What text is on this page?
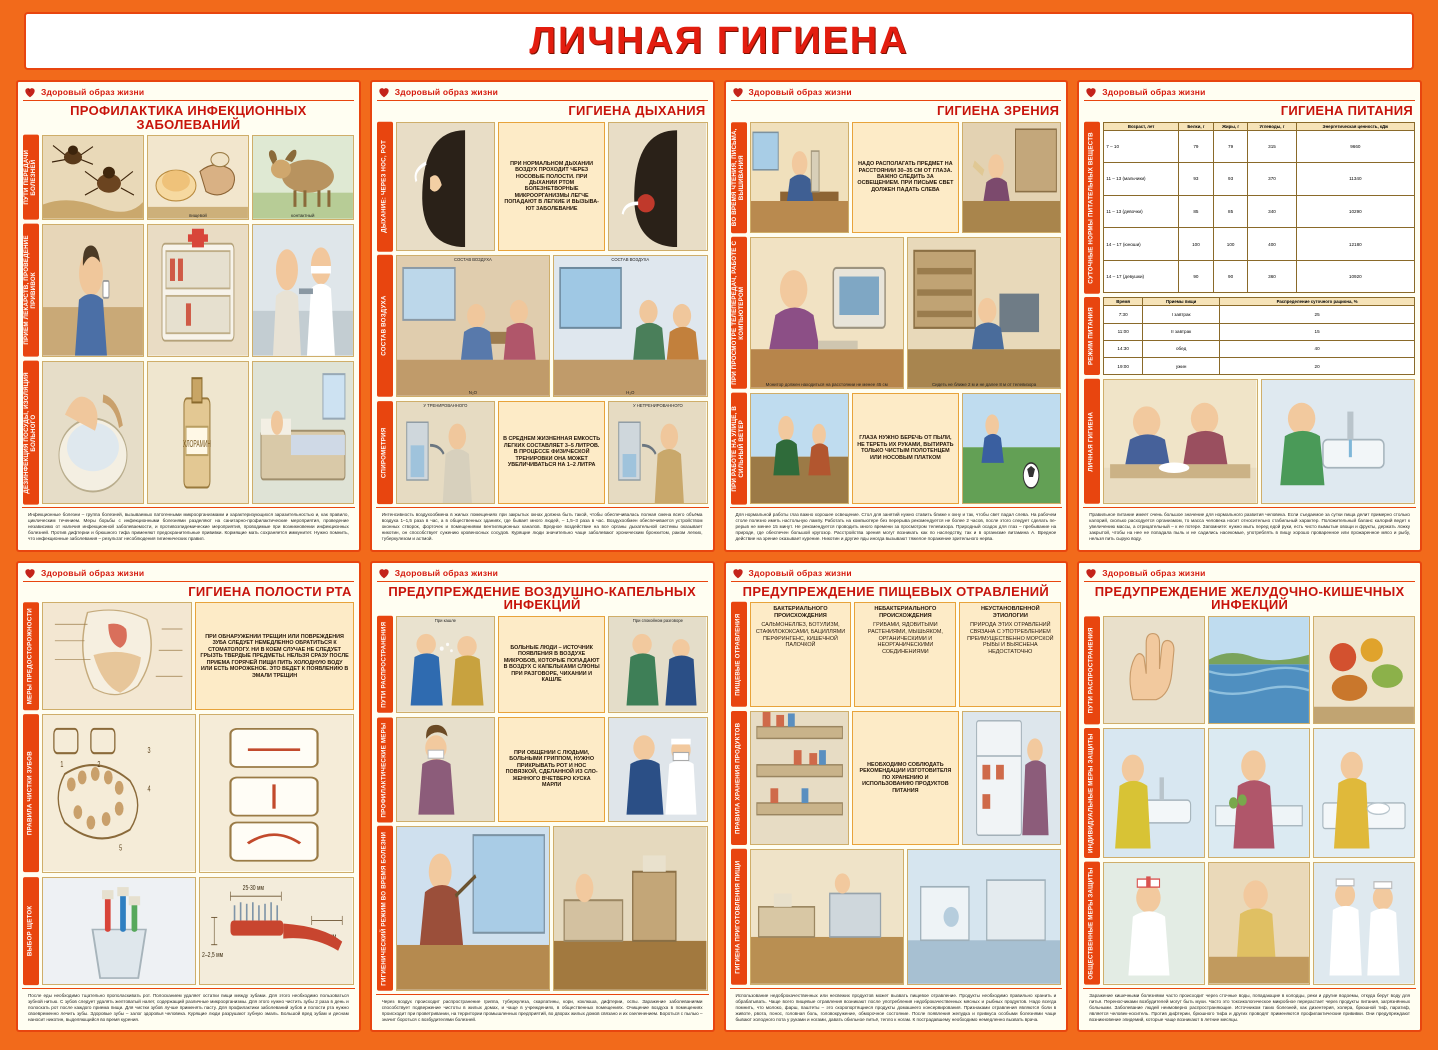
ЛИЧНАЯ ГИГИЕНА
Здоровый образ жизни
ПРОФИЛАКТИКА ИНФЕКЦИОННЫХ ЗАБОЛЕВАНИЙ
ПУТИ ПЕРЕДАЧИ БОЛЕЗНЕЙ
пищевой	контактный
ПРИЕМ ЛЕКАРСТВ, ПРОВЕДЕНИЕ ПРИВИВОК
ДЕЗИНФЕКЦИЯ ПОСУДЫ, ИЗОЛЯЦИЯ БОЛЬНОГО	ХЛОРАМИН
Инфекционные болезни – группа болезней, вызываемых патогенными микроорганизмами и характеризующихся заразительностью и, как правило, циклическим течением. Меры борьбы с инфекционными болезнями разделяют на санитарно-профилактические мероприятия, проведение независимо от наличия инфекционной заболеваемости, и противоэпидемические мероприятия, проводимые при возникновении инфекционных болезней. Против дифтерии и брюшного тифа применяют предохранительные прививки. Кормящие мать сохраняется иммунитет. Нужно помнить, что инфекционные заболевания – результат несоблюдения гигиенических правил.
Здоровый образ жизни
ГИГИЕНА ДЫХАНИЯ
ДЫХАНИЕ: ЧЕРЕЗ НОС, РОТ	ПРИ НОРМАЛЬНОМ ДЫХАНИИ ВОЗДУХ ПРОХОДИТ ЧЕРЕЗ НОСОВЫЕ ПОЛОСТИ. ПРИ ДЫХАНИИ РТОМ БОЛЕЗНЕТВОРНЫЕ МИКРООРГАНИЗМЫ ЛЕГЧЕ ПОПАДАЮТ В ЛЕГКИЕ И ВЫЗЫВАЮТ ЗАБОЛЕВАНИЕ
СОСТАВ ВОЗДУХА
СОСТАВ ВОЗДУХА
N₂O
СОСТАВ ВОЗДУХА
H₂O
СПИРОМЕТРИЯ
У ТРЕНИРОВАННОГО
В СРЕДНЕМ ЖИЗНЕННАЯ ЕМКОСТЬ ЛЕГКИХ СОСТАВЛЯЕТ 3–5 ЛИТРОВ. В ПРОЦЕССЕ ФИЗИЧЕСКОЙ ТРЕНИРОВКИ ОНА МОЖЕТ УВЕЛИЧИВАТЬСЯ НА 1–2 ЛИТРА
У НЕТРЕНИРОВАННОГО
Интенсивность воздухообмена в жилых помещениях при закрытых окнах должна быть такой, чтобы обеспечивалась полная смена всего объёма воздуха 1–1,5 раза в час, а в общественных зданиях, где бывает много людей, – 1,5–3 раза в час. Воздухообмен обеспечивается устройством оконных створок, форточек и помещениями вентиляционных каналов. Вредное воздействие на все органы дыхательной системы оказывает никотин, он способствует сужению кровеносных сосудов. Курящие люди значительно чаще заболевают хроническим бронхитом, раком легких, туберкулезом и астмой.
Здоровый образ жизни
ГИГИЕНА ЗРЕНИЯ
ВО ВРЕМЯ ЧТЕНИЯ, ПИСЬМА, ВЫШИВАНИЯ	НАДО РАСПОЛАГАТЬ ПРЕДМЕТ НА РАССТОЯНИИ 30–35 СМ ОТ ГЛАЗА. ВАЖНО СЛЕДИТЬ ЗА ОСВЕЩЕНИЕМ. ПРИ ПИСЬМЕ СВЕТ ДОЛЖЕН ПАДАТЬ СЛЕВА
ПРИ ПРОСМОТРЕ ТЕЛЕПЕРЕДАЧ, РАБОТЕ С КОМПЬЮТЕРОМ
Монитор должен находиться на расстоянии не менее 45 см	Сидеть не ближе 2 м и не далее 8 м от телевизора
ПРИ РАБОТЕ НА УЛИЦЕ, В СИЛЬНЫЙ ВЕТЕР	ГЛАЗА НУЖНО БЕРЕЧЬ ОТ ПЫЛИ, НЕ ТЕРЕТЬ ИХ РУКАМИ, ВЫТИРАТЬ ТОЛЬКО ЧИСТЫМ ПОЛОТЕНЦЕМ ИЛИ НОСОВЫМ ПЛАТКОМ
Для нормальной работы глаз важно хорошее освещение. Стол для занятий нужно ставить ближе к окну и так, чтобы свет падал слева. На рабочем столе полезно иметь настольную лампу. Работать на компьютере без перерыва рекомендуется не более 2 часов, после этого следует сделать перерыв не менее 15 минут. Не рекомендуется проводить много времени за просмотром телевизора. Природный осадок для глаз – пребывание на природе, где обеспечен большой кругозор. Расстройства зрения могут возникать как по наследству, так и в организме витамина А. Вредное действие на зрение оказывает курение. Никотин и другие яды иногда вызывают тяжелое поражение зрительного нерва.
Здоровый образ жизни
ГИГИЕНА ПИТАНИЯ
СУТОЧНЫЕ НОРМЫ ПИТАТЕЛЬНЫХ ВЕЩЕСТВ
Возраст, лет	Белки, г	Жиры, г	Углеводы, г	Энергетическая ценность, кДж
7 – 10	79	79	315	9660
11 – 13 (мальчики)	93	93	370	11340
11 – 13 (девочки)	85	85	340	10290
14 – 17 (юноши)	100	100	400	12180
14 – 17 (девушки)	90	90	360	10920
РЕЖИМ ПИТАНИЯ
Время	Приемы пищи	Распределение суточного рациона, %
7:30	I завтрак	25
11:00	II завтрак	15
14:30	обед	40
19:00	ужин	20
ЛИЧНАЯ ГИГИЕНА
Правильное питание имеет очень большое значение для нормального развития человека. Если съедаемое за сутки пища делит примерно столько калорий, сколько расходуется организмом, то масса человека носит относительно стабильный характер. Положительный баланс калорий ведет к увеличению массы, а отрицательный – к ее потере. Запомните: нужно мыть перед едой руки, есть чисто вымытые овощи и фрукты, держать ложку закрытой, чтобы на нее не попадала пыль и не садились насекомые, употреблять в пищу хорошо проваренное или прожаренное мясо и рыбу, нельзя пить сырую воду.
Здоровый образ жизни
ГИГИЕНА ПОЛОСТИ РТА
МЕРЫ ПРЕДОСТОРОЖНОСТИ	ПРИ ОБНАРУЖЕНИИ ТРЕЩИН ИЛИ ПОВРЕЖДЕНИЯ ЗУБА СЛЕДУЕТ НЕМЕДЛЕННО ОБРАТИТЬСЯ К СТОМАТОЛОГУ. НИ В КОЕМ СЛУЧАЕ НЕ СЛЕДУЕТ ГРЫЗТЬ ТВЕРДЫЕ ПРЕДМЕТЫ. НЕЛЬЗЯ СРАЗУ ПОСЛЕ ПРИЕМА ГОРЯЧЕЙ ПИЩИ ПИТЬ ХОЛОДНУЮ ВОДУ ИЛИ ЕСТЬ МОРОЖЕНОЕ. ЭТО ВЕДЕТ К ПОЯВЛЕНИЮ В ЭМАЛИ ТРЕЩИН
ПРАВИЛА ЧИСТКИ ЗУБОВ	1	2
3
4
5
ВЫБОР ЩЕТОК
25-30 мм
2–2,5 мм
После еды необходимо тщательно прополаскивать рот. Полосканием удаляет остатки пищи между зубами. Для этого необходимо пользоваться зубной нитью. С зубов следует удалять желтоватый налет, содержащий различные микроорганизмы. Для этого нужно чистить зубы 2 раза в день и полоскать рот после каждого приема пищи. Для чистки зубов лучше применять пасту. Для профилактики заболеваний зубов и полости рта нужно своевременно лечить зубы. Здоровые зубы – залог здоровья человека. Курящие люди разрушают зубную эмаль. Большой вред зубам и деснам наносит никотин, выделяющийся во время курения.
Здоровый образ жизни
ПРЕДУПРЕЖДЕНИЕ ВОЗДУШНО-КАПЕЛЬНЫХ ИНФЕКЦИЙ
ПУТИ РАСПРОСТРАНЕНИЯ
При кашле
БОЛЬНЫЕ ЛЮДИ – ИСТОЧНИК ПОЯВЛЕНИЯ В ВОЗДУХЕ МИКРОБОВ, КОТОРЫЕ ПОПАДАЮТ В ВОЗДУХ С КАПЕЛЬКАМИ СЛЮНЫ ПРИ РАЗГОВОРЕ, ЧИХАНИИ И КАШЛЕ
При спокойном разговоре
ПРОФИЛАКТИЧЕСКИЕ МЕРЫ	ПРИ ОБЩЕНИИ С ЛЮДЬМИ, БОЛЬНЫМИ ГРИППОМ, НУЖНО ПРИКРЫВАТЬ РОТ И НОС ПОВЯЗКОЙ, СДЕЛАННОЙ ИЗ СЛОЖЕННОГО ВЧЕТВЕРО КУСКА МАРЛИ
ГИГИЕНИЧЕСКИЙ РЕЖИМ ВО ВРЕМЯ БОЛЕЗНИ
Через воздух происходит распространение гриппа, туберкулеза, скарлатины, кори, коклюша, дифтерии, оспы. Заражение заболеваниями способствует подвержение чистоты в жилых домах, и чаще в учреждениях, в общественных помещениях. Очищение воздуха в помещениях происходит при проветривании, на территории промышленных предприятий, во дворах жилых домов связано и их озеленением. Бороться с пылью – значит бороться с возбудителями болезней.
Здоровый образ жизни
ПРЕДУПРЕЖДЕНИЕ ПИЩЕВЫХ ОТРАВЛЕНИЙ
ПИЩЕВЫЕ ОТРАВЛЕНИЯ
БАКТЕРИАЛЬНОГО ПРОИСХОЖДЕНИЯ
САЛЬМОНЕЛЛЕЗ, БОТУЛИЗМ, СТАФИЛОКОКСАМИ, БАЦИЛЛЯМИ ПЕРФРИНГЕНС, КИШЕЧНОЙ ПАЛОЧКОЙ
НЕБАКТЕРИАЛЬНОГО ПРОИСХОЖДЕНИЯ
ГРИБАМИ, ЯДОВИТЫМИ РАСТЕНИЯМИ, МЫШЬЯКОМ, ОРГАНИЧЕСКИМИ И НЕОРГАНИЧЕСКИМИ СОЕДИНЕНИЯМИ
НЕУСТАНОВЛЕННОЙ ЭТИОЛОГИИ
ПРИРОДА ЭТИХ ОТРАВЛЕНИЙ СВЯЗАНА С УПОТРЕБЛЕНИЕМ ПРЕИМУЩЕСТВЕННО МОРСКОЙ РЫБЫ И ВЫЯСНЕНА НЕДОСТАТОЧНО
ПРАВИЛА ХРАНЕНИЯ ПРОДУКТОВ	НЕОБХОДИМО СОБЛЮДАТЬ РЕКОМЕНДАЦИИ ИЗГОТОВИТЕЛЯ ПО ХРАНЕНИЮ И ИСПОЛЬЗОВАНИЮ ПРОДУКТОВ ПИТАНИЯ
ГИГИЕНА ПРИГОТОВЛЕНИЯ ПИЩИ
Использование недоброкачественных или несвежих продуктов может вызвать пищевое отравление. Продукты необходимо правильно хранить и обрабатывать. Чаще всего пищевые отравления возникают после употребления недоброкачественных мясных и рыбных продуктов. Надо всегда помнить, что молоко, фарш, паштеты – это скоропортящиеся продукты домашнего консервирования. Признаками отравления являются боли в животе, рвота, понос, головная боль, головокружение, обморочное состояние. После появления желудка и привкуса особыми болезнями чаще бывают холодного пота у руками и ногами, давать обильное питьё, тепло к ногам. К пострадавшему необходимо немедленно вызвать врача.
Здоровый образ жизни
ПРЕДУПРЕЖДЕНИЕ ЖЕЛУДОЧНО-КИШЕЧНЫХ ИНФЕКЦИЙ
ПУТИ РАСПРОСТРАНЕНИЯ
ИНДИВИДУАЛЬНЫЕ МЕРЫ ЗАЩИТЫ
ОБЩЕСТВЕННЫЕ МЕРЫ ЗАЩИТЫ
Заражение кишечными болезнями часто происходит через сточные воды, попадающие в колодцы, реки и другие водоемы, откуда берут воду для питья. Переносчиками возбудителей могут быть мухи. Часто это токсикологическое микробное перерастает через продукты питания, загрязнённых больными. Заболевание людей неимоверно распространяющие. Источником таких болезней, как дизентерия, холера, брюшной тиф, паратиф, является человек-носитель. Против дифтерии, брюшного тифа и других проводят применяются профилактические прививки. Они предупреждают возникновение эпидемий, которые чаще возникают в летние месяцы.
